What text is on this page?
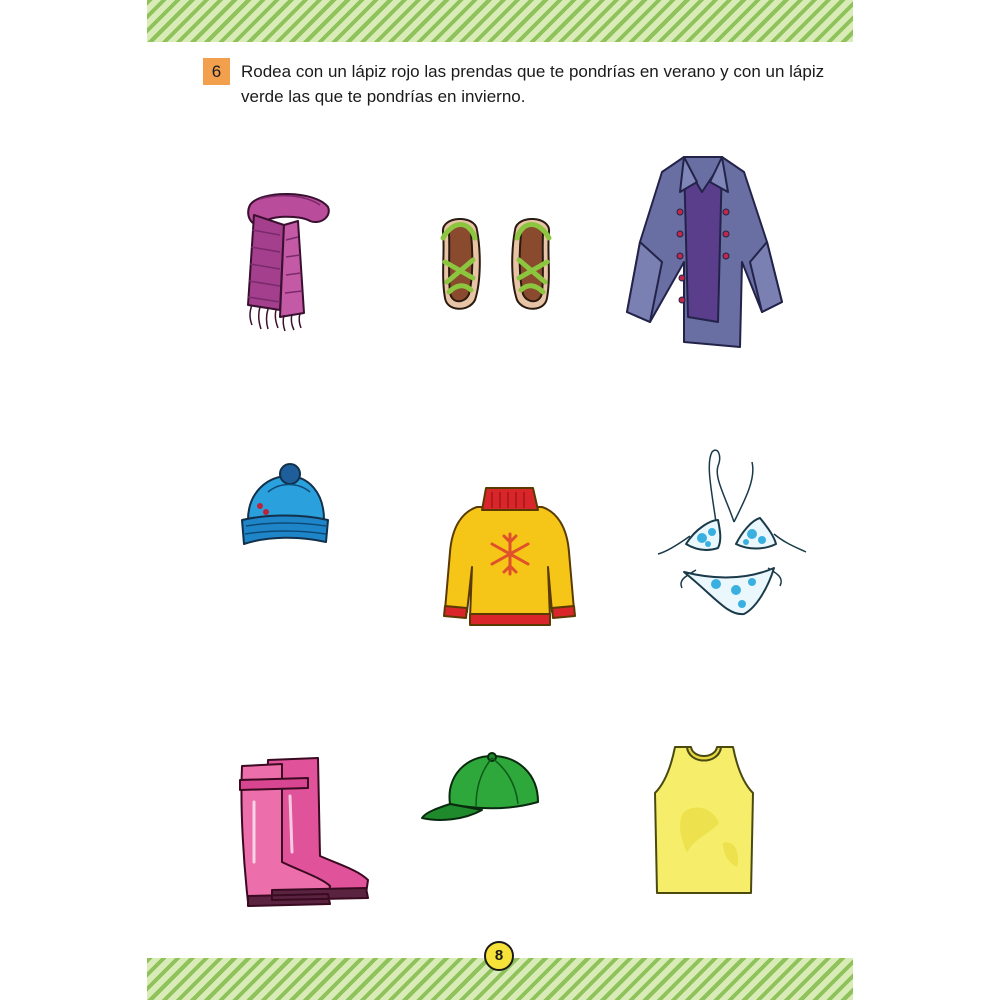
6	Rodea con un lápiz rojo las prendas que te pondrías en verano y con un lápiz
verde las que te pondrías en invierno.
8
